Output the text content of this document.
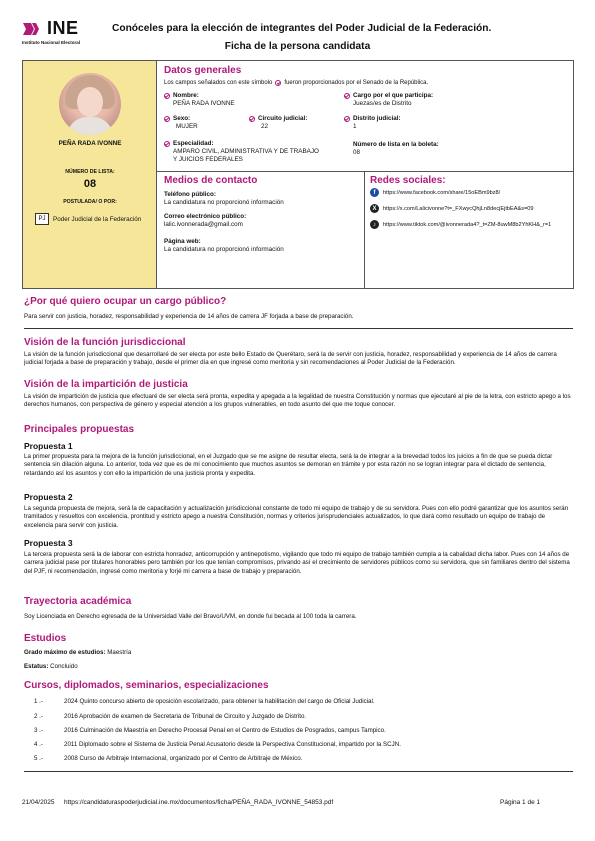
INE
Instituto Nacional Electoral
Conóceles para la elección de integrantes del Poder Judicial de la Federación.
Ficha de la persona candidata
PEÑA RADA IVONNE
NÚMERO DE LISTA:
08
POSTULADA/ O POR:
PJ	Poder Judicial de la Federación
Datos generales
Los campos señalados con este símbolo fueron proporcionados por el Senado de la República.
Nombre:
PEÑA RADA IVONNE
Cargo por el que participa:
Juezas/es de Distrito
Sexo:
MUJER
Circuito judicial:
22
Distrito judicial:
1
Especialidad:
AMPARO CIVIL, ADMINISTRATIVA Y DE TRABAJO
Y JUICIOS FEDERALES
Número de lista en la boleta:
08
Medios de contacto
Teléfono público:
La candidatura no proporcionó información
Correo electrónico público:
lalic.ivonnerada@gmail.com
Página web:
La candidatura no proporcionó información
Redes sociales:
f	https://www.facebook.com/share/15oEBm9bz8/
X	https://x.com/Lalicivonne?t=_FXwycQhjLn8decjEjtbEA&s=09
♪	https://www.tiktok.com/@ivonnerada4?_t=ZM-8uwM8b2YhKH&_r=1
¿Por qué quiero ocupar un cargo público?
Para servir con justicia, horadez, responsabilidad y experiencia de 14 años de carrera JF forjada a base de preparación.
Visión de la función jurisdiccional
La visión de la función jurisdiccional que desarrollaré de ser electa por este bello Estado de Querétaro, será la de servir con justicia, horadez, responsabilidad y experiencia de 14 años de carrera judicial forjada a base de preparación y trabajo, desde el primer día en que ingresé como meritoria y sin recomendaciones al Poder Judicial de la Federación.
Visión de la impartición de justicia
La visión de impartición de justicia que efectuaré de ser electa será pronta, expedita y apegada a la legalidad de nuestra Constitución y normas que ejecutaré al pie de la letra, con estricto apego a los derechos humanos, con perspectiva de género y especial atención a los grupos vulnerables, en todo asunto del que me toque conocer.
Principales propuestas
Propuesta 1
La primer propuesta para la mejora de la función jurisdiccional, en el Juzgado que se me asigne de resultar electa, será la de integrar a la brevedad todos los juicios a fin de que se pueda dictar sentencia sin dilación alguna. Lo anterior, toda vez que es de mi conocimiento que muchos asuntos se demoran en trámite y por esta razón no se logran integrar para el dictado de sentencia, retardando así los asuntos y con ello la impartición de una justicia pronta y expedita.
Propuesta 2
La segunda propuesta de mejora, será la de capacitación y actualización jurisdiccional constante de todo mi equipo de trabajo y de su servidora. Pues con ello podré garantizar que los asuntos serán tramitados y resueltos con excelencia, prontitud y estricto apego a nuestra Constitución, normas y criterios jurisprudenciales actualizados, lo que dará como resultado un equipo de trabajo de excelencia para servir con justicia.
Propuesta 3
La tercera propuesta será la de laborar con estricta honradez, anticorrupción y antinepotismo, vigilando que todo mi equipo de trabajo también cumpla a la cabalidad dicha labor. Pues con 14 años de carrera judicial pase por titulares honorables pero también por los que tenían compromisos, privando así el crecimiento de servidores públicos como su servidora, que sin familiares dentro del sistema del PJF, ni recomendación, ingresé como meritoria y forjé mi carrera a base de trabajo y preparación.
Trayectoria académica
Soy Licenciada en Derecho egresada de la Universidad Valle del Bravo/UVM, en donde fui becada al 100 toda la carrera.
Estudios
Grado máximo de estudios: Maestría
Estatus: Concluido
Cursos, diplomados, seminarios, especializaciones
1 .-	2024 Quinto concurso abierto de oposición escolarizado, para obtener la habilitación del cargo de Oficial Judicial.
2 .-	2016 Aprobación de examen de Secretaria de Tribunal de Circuito y Juzgado de Distrito.
3 .-	2016 Culminación de Maestría en Derecho Procesal Penal en el Centro de Estudios de Posgrados, campus Tampico.
4 .-	2011 Diplomado sobre el Sistema de Justicia Penal Acusatorio desde la Perspectiva Constitucional, impartido por la SCJN.
5 .-	2008 Curso de Arbitraje Internacional, organizado por el Centro de Arbitraje de México.
21/04/2025 https://candidaturaspoderjudicial.ine.mx/documentos/ficha/PEÑA_RADA_IVONNE_54853.pdf	Página 1 de 1
